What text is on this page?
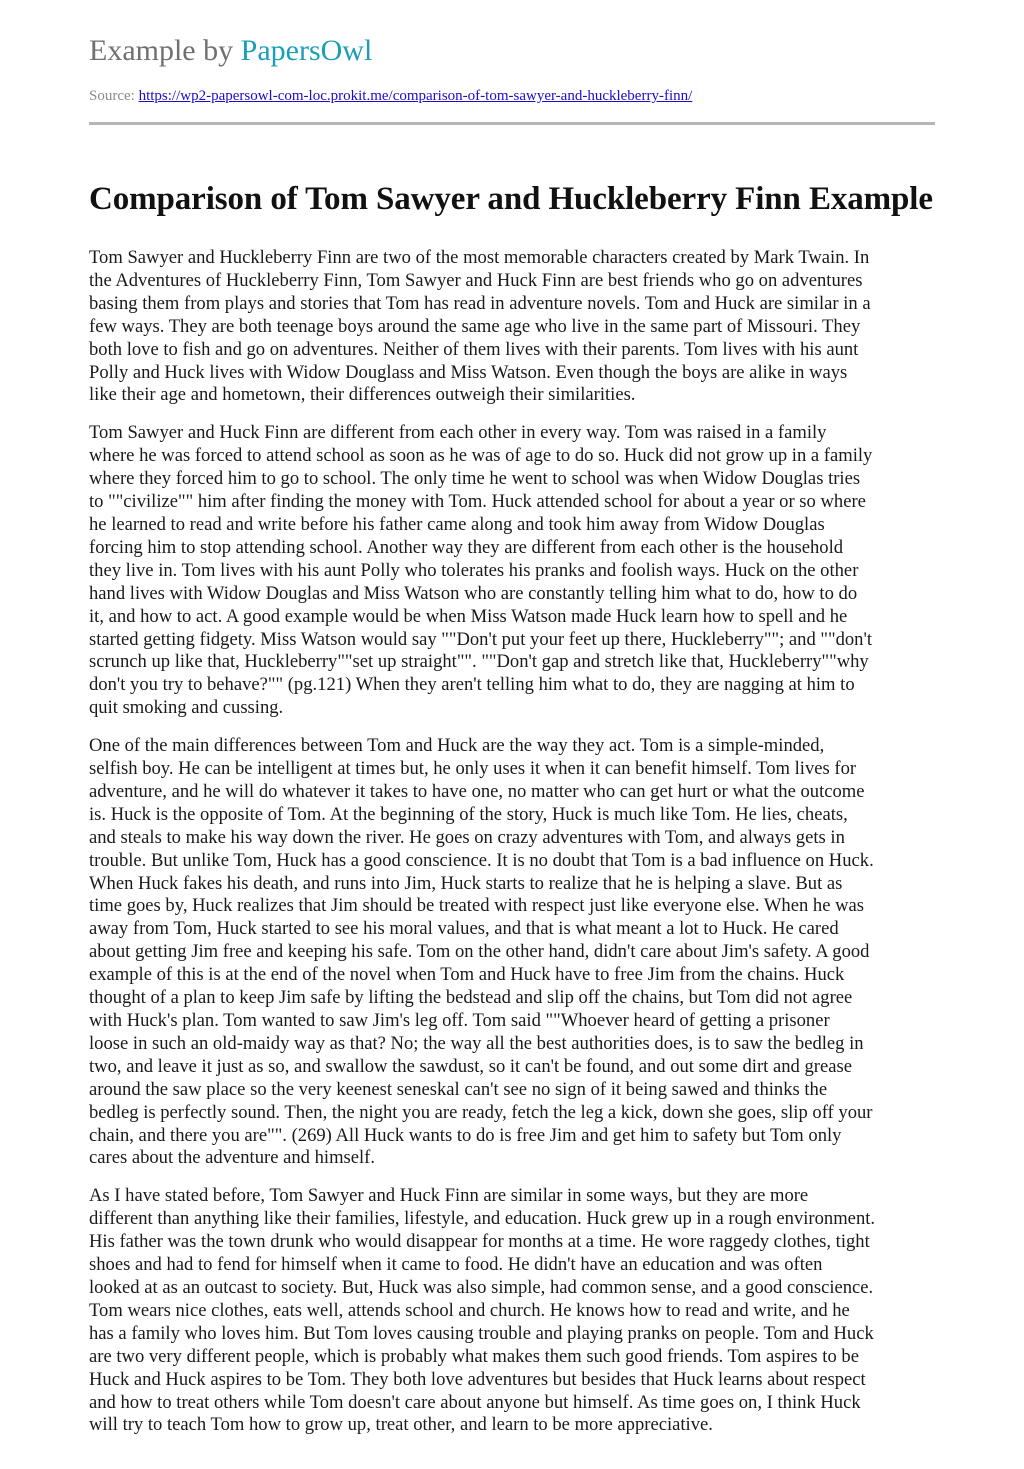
Example by PapersOwl
Source: https://wp2-papersowl-com-loc.prokit.me/comparison-of-tom-sawyer-and-huckleberry-finn/
Comparison of Tom Sawyer and Huckleberry Finn Example

Tom Sawyer and Huckleberry Finn are two of the most memorable characters created by Mark Twain. In
the Adventures of Huckleberry Finn, Tom Sawyer and Huck Finn are best friends who go on adventures
basing them from plays and stories that Tom has read in adventure novels. Tom and Huck are similar in a
few ways. They are both teenage boys around the same age who live in the same part of Missouri. They
both love to fish and go on adventures. Neither of them lives with their parents. Tom lives with his aunt
Polly and Huck lives with Widow Douglass and Miss Watson. Even though the boys are alike in ways
like their age and hometown, their differences outweigh their similarities.

Tom Sawyer and Huck Finn are different from each other in every way. Tom was raised in a family
where he was forced to attend school as soon as he was of age to do so. Huck did not grow up in a family
where they forced him to go to school. The only time he went to school was when Widow Douglas tries
to ""civilize"" him after finding the money with Tom. Huck attended school for about a year or so where
he learned to read and write before his father came along and took him away from Widow Douglas
forcing him to stop attending school. Another way they are different from each other is the household
they live in. Tom lives with his aunt Polly who tolerates his pranks and foolish ways. Huck on the other
hand lives with Widow Douglas and Miss Watson who are constantly telling him what to do, how to do
it, and how to act. A good example would be when Miss Watson made Huck learn how to spell and he
started getting fidgety. Miss Watson would say ""Don't put your feet up there, Huckleberry""; and ""don't
scrunch up like that, Huckleberry""set up straight"". ""Don't gap and stretch like that, Huckleberry""why
don't you try to behave?"" (pg.121) When they aren't telling him what to do, they are nagging at him to
quit smoking and cussing.

One of the main differences between Tom and Huck are the way they act. Tom is a simple-minded,
selfish boy. He can be intelligent at times but, he only uses it when it can benefit himself. Tom lives for
adventure, and he will do whatever it takes to have one, no matter who can get hurt or what the outcome
is. Huck is the opposite of Tom. At the beginning of the story, Huck is much like Tom. He lies, cheats,
and steals to make his way down the river. He goes on crazy adventures with Tom, and always gets in
trouble. But unlike Tom, Huck has a good conscience. It is no doubt that Tom is a bad influence on Huck.
When Huck fakes his death, and runs into Jim, Huck starts to realize that he is helping a slave. But as
time goes by, Huck realizes that Jim should be treated with respect just like everyone else. When he was
away from Tom, Huck started to see his moral values, and that is what meant a lot to Huck. He cared
about getting Jim free and keeping his safe. Tom on the other hand, didn't care about Jim's safety. A good
example of this is at the end of the novel when Tom and Huck have to free Jim from the chains. Huck
thought of a plan to keep Jim safe by lifting the bedstead and slip off the chains, but Tom did not agree
with Huck's plan. Tom wanted to saw Jim's leg off. Tom said ""Whoever heard of getting a prisoner
loose in such an old-maidy way as that? No; the way all the best authorities does, is to saw the bedleg in
two, and leave it just as so, and swallow the sawdust, so it can't be found, and out some dirt and grease
around the saw place so the very keenest seneskal can't see no sign of it being sawed and thinks the
bedleg is perfectly sound. Then, the night you are ready, fetch the leg a kick, down she goes, slip off your
chain, and there you are"". (269) All Huck wants to do is free Jim and get him to safety but Tom only
cares about the adventure and himself.

As I have stated before, Tom Sawyer and Huck Finn are similar in some ways, but they are more
different than anything like their families, lifestyle, and education. Huck grew up in a rough environment.
His father was the town drunk who would disappear for months at a time. He wore raggedy clothes, tight
shoes and had to fend for himself when it came to food. He didn't have an education and was often
looked at as an outcast to society. But, Huck was also simple, had common sense, and a good conscience.
Tom wears nice clothes, eats well, attends school and church. He knows how to read and write, and he
has a family who loves him. But Tom loves causing trouble and playing pranks on people. Tom and Huck
are two very different people, which is probably what makes them such good friends. Tom aspires to be
Huck and Huck aspires to be Tom. They both love adventures but besides that Huck learns about respect
and how to treat others while Tom doesn't care about anyone but himself. As time goes on, I think Huck
will try to teach Tom how to grow up, treat other, and learn to be more appreciative.
